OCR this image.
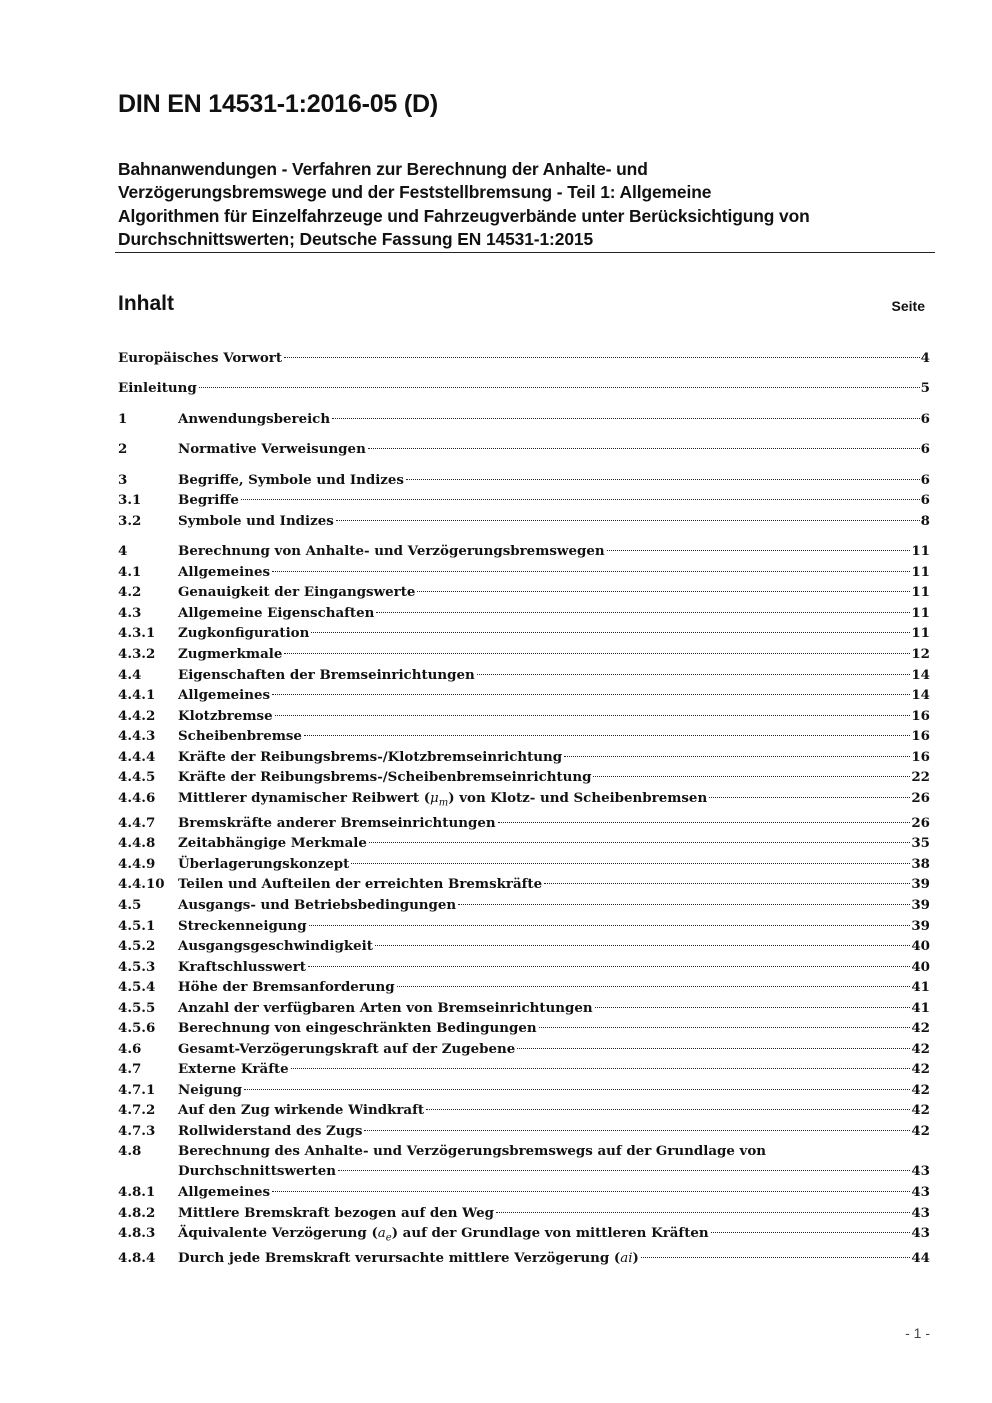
DIN EN 14531-1:2016-05 (D)
Bahnanwendungen - Verfahren zur Berechnung der Anhalte- und
Verzögerungsbremswege und der Feststellbremsung - Teil 1: Allgemeine
Algorithmen für Einzelfahrzeuge und Fahrzeugverbände unter Berücksichtigung von
Durchschnittswerten; Deutsche Fassung EN 14531-1:2015
Inhalt	Seite
Europäisches Vorwort	4
Einleitung	5
1	Anwendungsbereich	6
2	Normative Verweisungen	6
3	Begriffe, Symbole und Indizes	6
3.1	Begriffe	6
3.2	Symbole und Indizes	8
4	Berechnung von Anhalte- und Verzögerungsbremswegen	11
4.1	Allgemeines	11
4.2	Genauigkeit der Eingangswerte	11
4.3	Allgemeine Eigenschaften	11
4.3.1	Zugkonfiguration	11
4.3.2	Zugmerkmale	12
4.4	Eigenschaften der Bremseinrichtungen	14
4.4.1	Allgemeines	14
4.4.2	Klotzbremse	16
4.4.3	Scheibenbremse	16
4.4.4	Kräfte der Reibungsbrems-/Klotzbremseinrichtung	16
4.4.5	Kräfte der Reibungsbrems-/Scheibenbremseinrichtung	22
4.4.6	Mittlerer dynamischer Reibwert $(\mu_m)$ von Klotz- und Scheibenbremsen	26
4.4.7	Bremskräfte anderer Bremseinrichtungen	26
4.4.8	Zeitabhängige Merkmale	35
4.4.9	Überlagerungskonzept	38
4.4.10	Teilen und Aufteilen der erreichten Bremskräfte	39
4.5	Ausgangs- und Betriebsbedingungen	39
4.5.1	Streckenneigung	39
4.5.2	Ausgangsgeschwindigkeit	40
4.5.3	Kraftschlusswert	40
4.5.4	Höhe der Bremsanforderung	41
4.5.5	Anzahl der verfügbaren Arten von Bremseinrichtungen	41
4.5.6	Berechnung von eingeschränkten Bedingungen	42
4.6	Gesamt-Verzögerungskraft auf der Zugebene	42
4.7	Externe Kräfte	42
4.7.1	Neigung	42
4.7.2	Auf den Zug wirkende Windkraft	42
4.7.3	Rollwiderstand des Zugs	42
4.8	Berechnung des Anhalte- und Verzögerungsbremswegs auf der Grundlage von
Durchschnittswerten	43
4.8.1	Allgemeines	43
4.8.2	Mittlere Bremskraft bezogen auf den Weg	43
4.8.3	Äquivalente Verzögerung $(a_e)$ auf der Grundlage von mittleren Kräften	43
4.8.4	Durch jede Bremskraft verursachte mittlere Verzögerung (ai)	44
- 1 -
